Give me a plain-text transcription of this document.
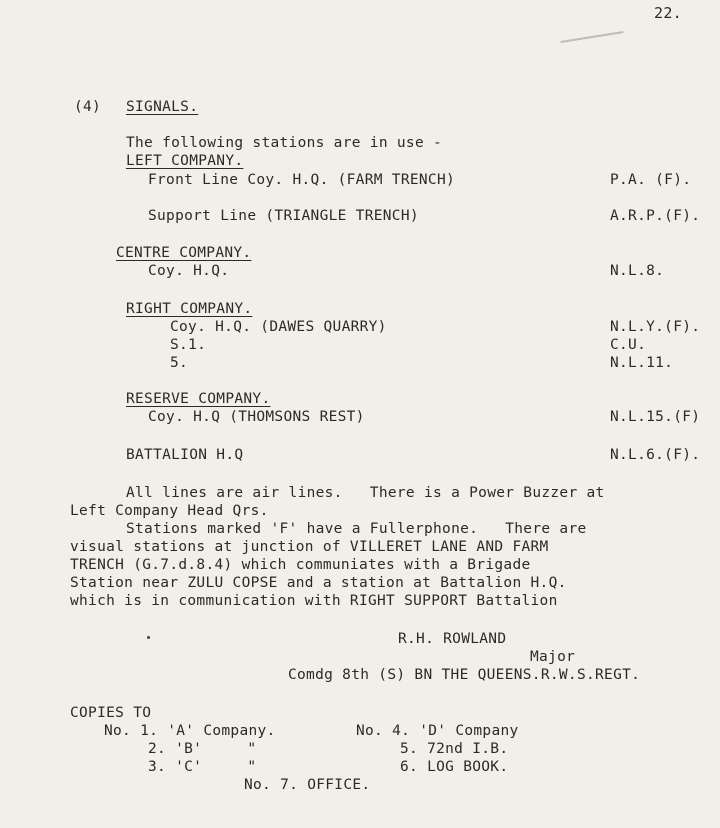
22.
(4) SIGNALS.
The following stations are in use -
LEFT COMPANY.
Front Line Coy. H.Q. (FARM TRENCH)	P.A. (F).
Support Line (TRIANGLE TRENCH)	A.R.P.(F).
CENTRE COMPANY.
Coy. H.Q.	N.L.8.
RIGHT COMPANY.
Coy. H.Q. (DAWES QUARRY)	N.L.Y.(F).
S.1.	C.U.
5.	N.L.11.
RESERVE COMPANY.
Coy. H.Q (THOMSONS REST)	N.L.15.(F)
BATTALION H.Q	N.L.6.(F).
All lines are air lines.   There is a Power Buzzer at
Left Company Head Qrs.
Stations marked 'F' have a Fullerphone.   There are
visual stations at junction of VILLERET LANE AND FARM
TRENCH (G.7.d.8.4) which communiates with a Brigade
Station near ZULU COPSE and a station at Battalion H.Q.
which is in communication with RIGHT SUPPORT Battalion
R.H. ROWLAND
Major
Comdg 8th (S) BN THE QUEENS.R.W.S.REGT.
COPIES TO
No. 1. 'A' Company.
2. 'B'     "
3. 'C'     "
No. 4. 'D' Company
5. 72nd I.B.
6. LOG BOOK.
No. 7. OFFICE.
